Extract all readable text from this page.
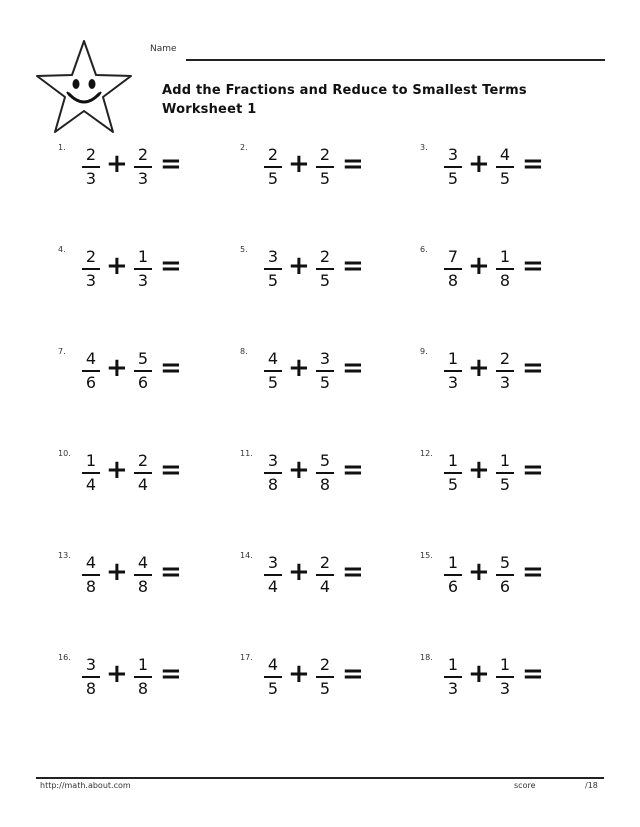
Name
Add the Fractions and Reduce to Smallest Terms
Worksheet 1
1. 2
3 + 2
3 =
2. 2
5 + 2
5 =
3. 3
5 + 4
5 =
4. 2
3 + 1
3 =
5. 3
5 + 2
5 =
6. 7
8 + 1
8 =
7. 4
6 + 5
6 =
8. 4
5 + 3
5 =
9. 1
3 + 2
3 =
10. 1
4 + 2
4 =
11. 3
8 + 5
8 =
12. 1
5 + 1
5 =
13. 4
8 + 4
8 =
14. 3
4 + 2
4 =
15. 1
6 + 5
6 =
16. 3
8 + 1
8 =
17. 4
5 + 2
5 =
18. 1
3 + 1
3 =
http://math.about.com	score	/18
